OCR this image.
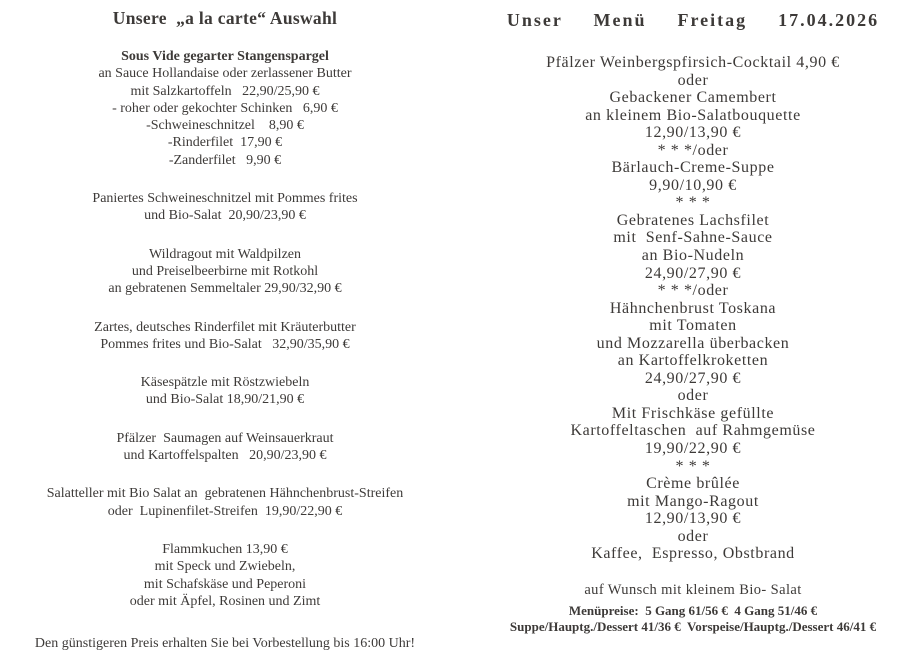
Unsere  „a la carte“ Auswahl
Sous Vide gegarter Stangenspargel
an Sauce Hollandaise oder zerlassener Butter
mit Salzkartoffeln   22,90/25,90 €
- roher oder gekochter Schinken   6,90 €
-Schweineschnitzel    8,90 €
-Rinderfilet  17,90 €
-Zanderfilet   9,90 €
Paniertes Schweineschnitzel mit Pommes frites
und Bio-Salat  20,90/23,90 €
Wildragout mit Waldpilzen
und Preiselbeerbirne mit Rotkohl
an gebratenen Semmeltaler 29,90/32,90 €
Zartes, deutsches Rinderfilet mit Kräuterbutter
Pommes frites und Bio-Salat   32,90/35,90 €
Käsespätzle mit Röstzwiebeln
und Bio-Salat 18,90/21,90 €
Pfälzer  Saumagen auf Weinsauerkraut
und Kartoffelspalten   20,90/23,90 €
Salatteller mit Bio Salat an  gebratenen Hähnchenbrust-Streifen
oder  Lupinenfilet-Streifen  19,90/22,90 €
Flammkuchen 13,90 €
mit Speck und Zwiebeln,
mit Schafskäse und Peperoni
oder mit Äpfel, Rosinen und Zimt
Den günstigeren Preis erhalten Sie bei Vorbestellung bis 16:00 Uhr!
Unser  Menü  Freitag  17.04.2026
Pfälzer Weinbergspfirsich-Cocktail 4,90 €
oder
Gebackener Camembert
an kleinem Bio-Salatbouquette
12,90/13,90 €
* * */oder
Bärlauch-Creme-Suppe
9,90/10,90 €
* * *
Gebratenes Lachsfilet
mit  Senf-Sahne-Sauce
an Bio-Nudeln
24,90/27,90 €
* * */oder
Hähnchenbrust Toskana
mit Tomaten
und Mozzarella überbacken
an Kartoffelkroketten
24,90/27,90 €
oder
Mit Frischkäse gefüllte
Kartoffeltaschen  auf Rahmgemüse
19,90/22,90 €
* * *
Crème brûlée
mit Mango-Ragout
12,90/13,90 €
oder
Kaffee,  Espresso, Obstbrand
auf Wunsch mit kleinem Bio- Salat
Menüpreise:  5 Gang 61/56 €  4 Gang 51/46 €
Suppe/Hauptg./Dessert 41/36 €  Vorspeise/Hauptg./Dessert 46/41 €
